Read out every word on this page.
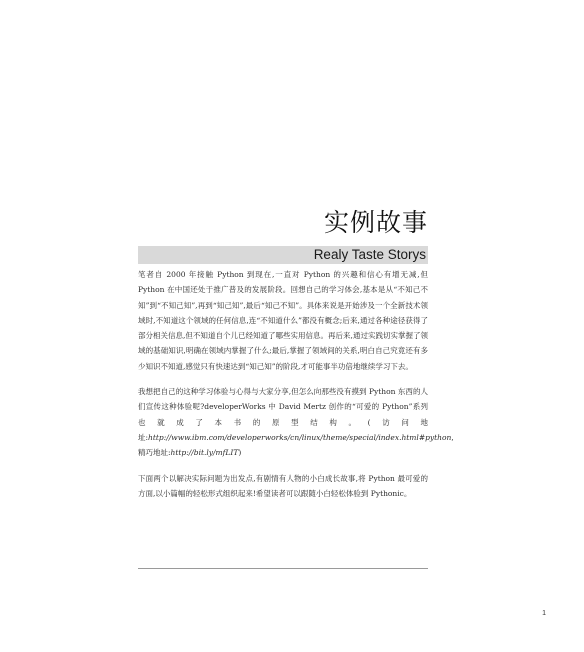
实例故事
Realy Taste Storys

笔者自 2000 年接触 Python 到现在,一直对 Python 的兴趣和信心有增无减,但 Python 在中国还处于推广普及的发展阶段。回想自己的学习体会,基本是从“不知己不知”到“不知己知”,再到“知己知”,最后“知己不知”。具体来说是开始涉及一个全新技术领域时,不知道这个领域的任何信息,连“不知道什么”都没有概念;后来,通过各种途径获得了部分相关信息,但不知道自个儿已经知道了哪些实用信息。再后来,通过实践切实掌握了领域的基础知识,明确在领域内掌握了什么;最后,掌握了领域间的关系,明白自己究竟还有多少知识不知道,感觉只有快速达到“知己知”的阶段,才可能事半功倍地继续学习下去。

我想把自己的这种学习体验与心得与大家分享,但怎么向那些没有摸到 Python 东西的人们宣传这种体验呢?developerWorks 中 David Mertz 创作的“可爱的 Python”系列也就成了本书的原型结构。(访问地址:http://www.ibm.com/developerworks/cn/linux/theme/special/index.html#python,精巧地址:http://bit.ly/mfLIT)

下面两个以解决实际问题为出发点,有剧情有人物的小白成长故事,将 Python 最可爱的方面,以小篇幅的轻松形式组织起来!希望读者可以跟随小白轻松体验到 Pythonic。

1
